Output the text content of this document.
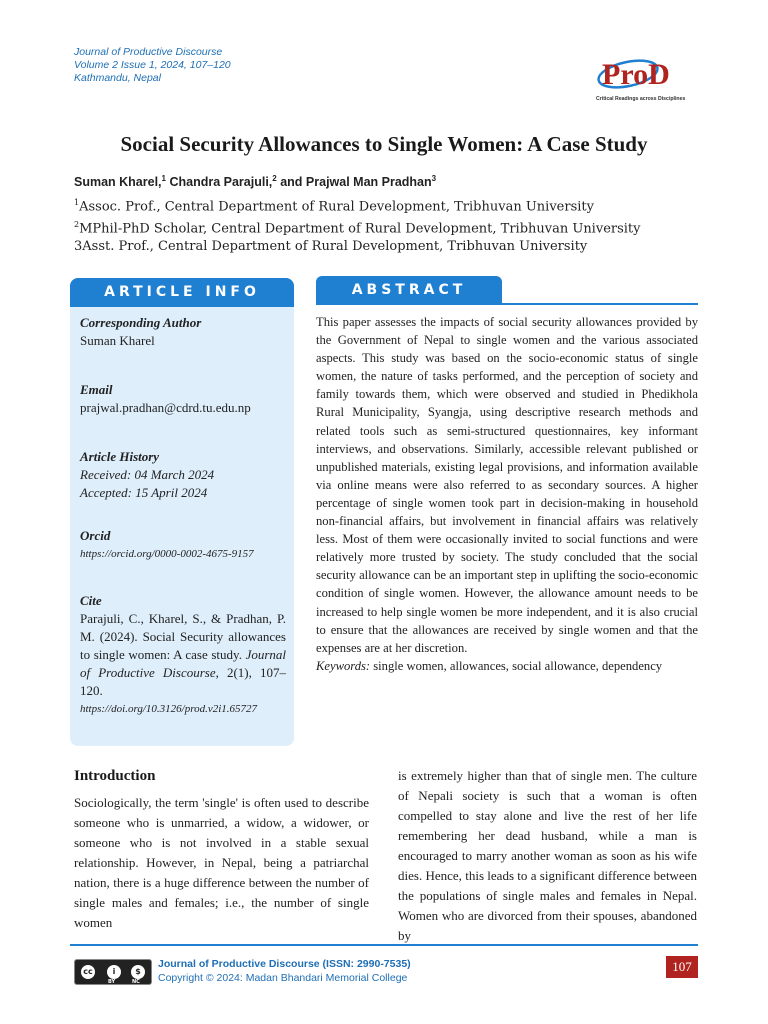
Journal of Productive Discourse
Volume 2 Issue 1, 2024, 107–120
Kathmandu, Nepal	ProD
Critical Readings across Disciplines
Social Security Allowances to Single Women: A Case Study
Suman Kharel,$^1$ Chandra Parajuli,$^2$ and Prajwal Man Pradhan$^3$
$^1$Assoc. Prof., Central Department of Rural Development, Tribhuvan University
$^2$MPhil-PhD Scholar, Central Department of Rural Development, Tribhuvan University
3Asst. Prof., Central Department of Rural Development, Tribhuvan University
ARTICLE INFO
Corresponding Author
Suman Kharel
Email
prajwal.pradhan@cdrd.tu.edu.np
Article History
Received: 04 March 2024
Accepted: 15 April 2024
Orcid
https://orcid.org/0000-0002-4675-9157
Cite
Parajuli, C., Kharel, S., & Pradhan, P. M. (2024). Social Security allowances to single women: A case study. Journal of Productive Discourse, 2(1), 107–120.
https://doi.org/10.3126/prod.v2i1.65727
ABSTRACT
This paper assesses the impacts of social security allowances provided by the Government of Nepal to single women and the various associated aspects. This study was based on the socio-economic status of single women, the nature of tasks performed, and the perception of society and family towards them, which were observed and studied in Phedikhola Rural Municipality, Syangja, using descriptive research methods and related tools such as semi-structured questionnaires, key informant interviews, and observations. Similarly, accessible relevant published or unpublished materials, existing legal provisions, and information available via online means were also referred to as secondary sources. A higher percentage of single women took part in decision-making in household non-financial affairs, but involvement in financial affairs was relatively less. Most of them were occasionally invited to social functions and were relatively more trusted by society. The study concluded that the social security allowance can be an important step in uplifting the socio-economic condition of single women. However, the allowance amount needs to be increased to help single women be more independent, and it is also crucial to ensure that the allowances are received by single women and that the expenses are at her discretion.
Keywords: single women, allowances, social allowance, dependency
Introduction
Sociologically, the term 'single' is often used to describe someone who is unmarried, a widow, a widower, or someone who is not involved in a stable sexual relationship. However, in Nepal, being a patriarchal nation, there is a huge difference between the number of single males and females; i.e., the number of single women
is extremely higher than that of single men. The culture of Nepali society is such that a woman is often compelled to stay alone and live the rest of her life remembering her dead husband, while a man is encouraged to marry another woman as soon as his wife dies. Hence, this leads to a significant difference between the populations of single males and females in Nepal. Women who are divorced from their spouses, abandoned by
cc	i	$
BY	NC
Journal of Productive Discourse (ISSN: 2990-7535)
Copyright © 2024: Madan Bhandari Memorial College
107
